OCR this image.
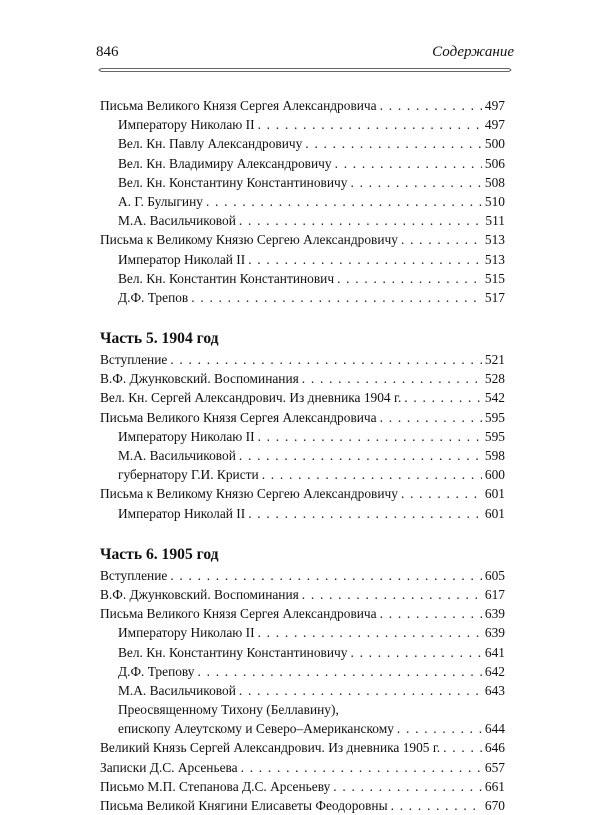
846	Содержание
Письма Великого Князя Сергея Александровича . . .	497
Императору Николаю II . . .	497
Вел. Кн. Павлу Александровичу . . .	500
Вел. Кн. Владимиру Александровичу . . .	506
Вел. Кн. Константину Константиновичу . . .	508
А. Г. Булыгину . . .	510
М.А. Васильчиковой . . .	511
Письма к Великому Князю Сергею Александровичу . . .	513
Император Николай II . . .	513
Вел. Кн. Константин Константинович . . .	515
Д.Ф. Трепов . . .	517
Часть 5. 1904 год
Вступление . . .	521
В.Ф. Джунковский. Воспоминания . . .	528
Вел. Кн. Сергей Александрович. Из дневника 1904 г. . . .	542
Письма Великого Князя Сергея Александровича . . .	595
Императору Николаю II . . .	595
М.А. Васильчиковой . . .	598
губернатору Г.И. Кристи . . .	600
Письма к Великому Князю Сергею Александровичу . . .	601
Император Николай II . . .	601
Часть 6. 1905 год
Вступление . . .	605
В.Ф. Джунковский. Воспоминания . . .	617
Письма Великого Князя Сергея Александровича . . .	639
Императору Николаю II . . .	639
Вел. Кн. Константину Константиновичу . . .	641
Д.Ф. Трепову . . .	642
М.А. Васильчиковой . . .	643
Преосвященному Тихону (Беллавину),
епископу Алеутскому и Северо–Американскому . . .	644
Великий Князь Сергей Александрович. Из дневника 1905 г. . . .	646
Записки Д.С. Арсеньева . . .	657
Письмо М.П. Степанова Д.С. Арсеньеву . . .	661
Письма Великой Княгини Елисаветы Феодоровны . . .	670
